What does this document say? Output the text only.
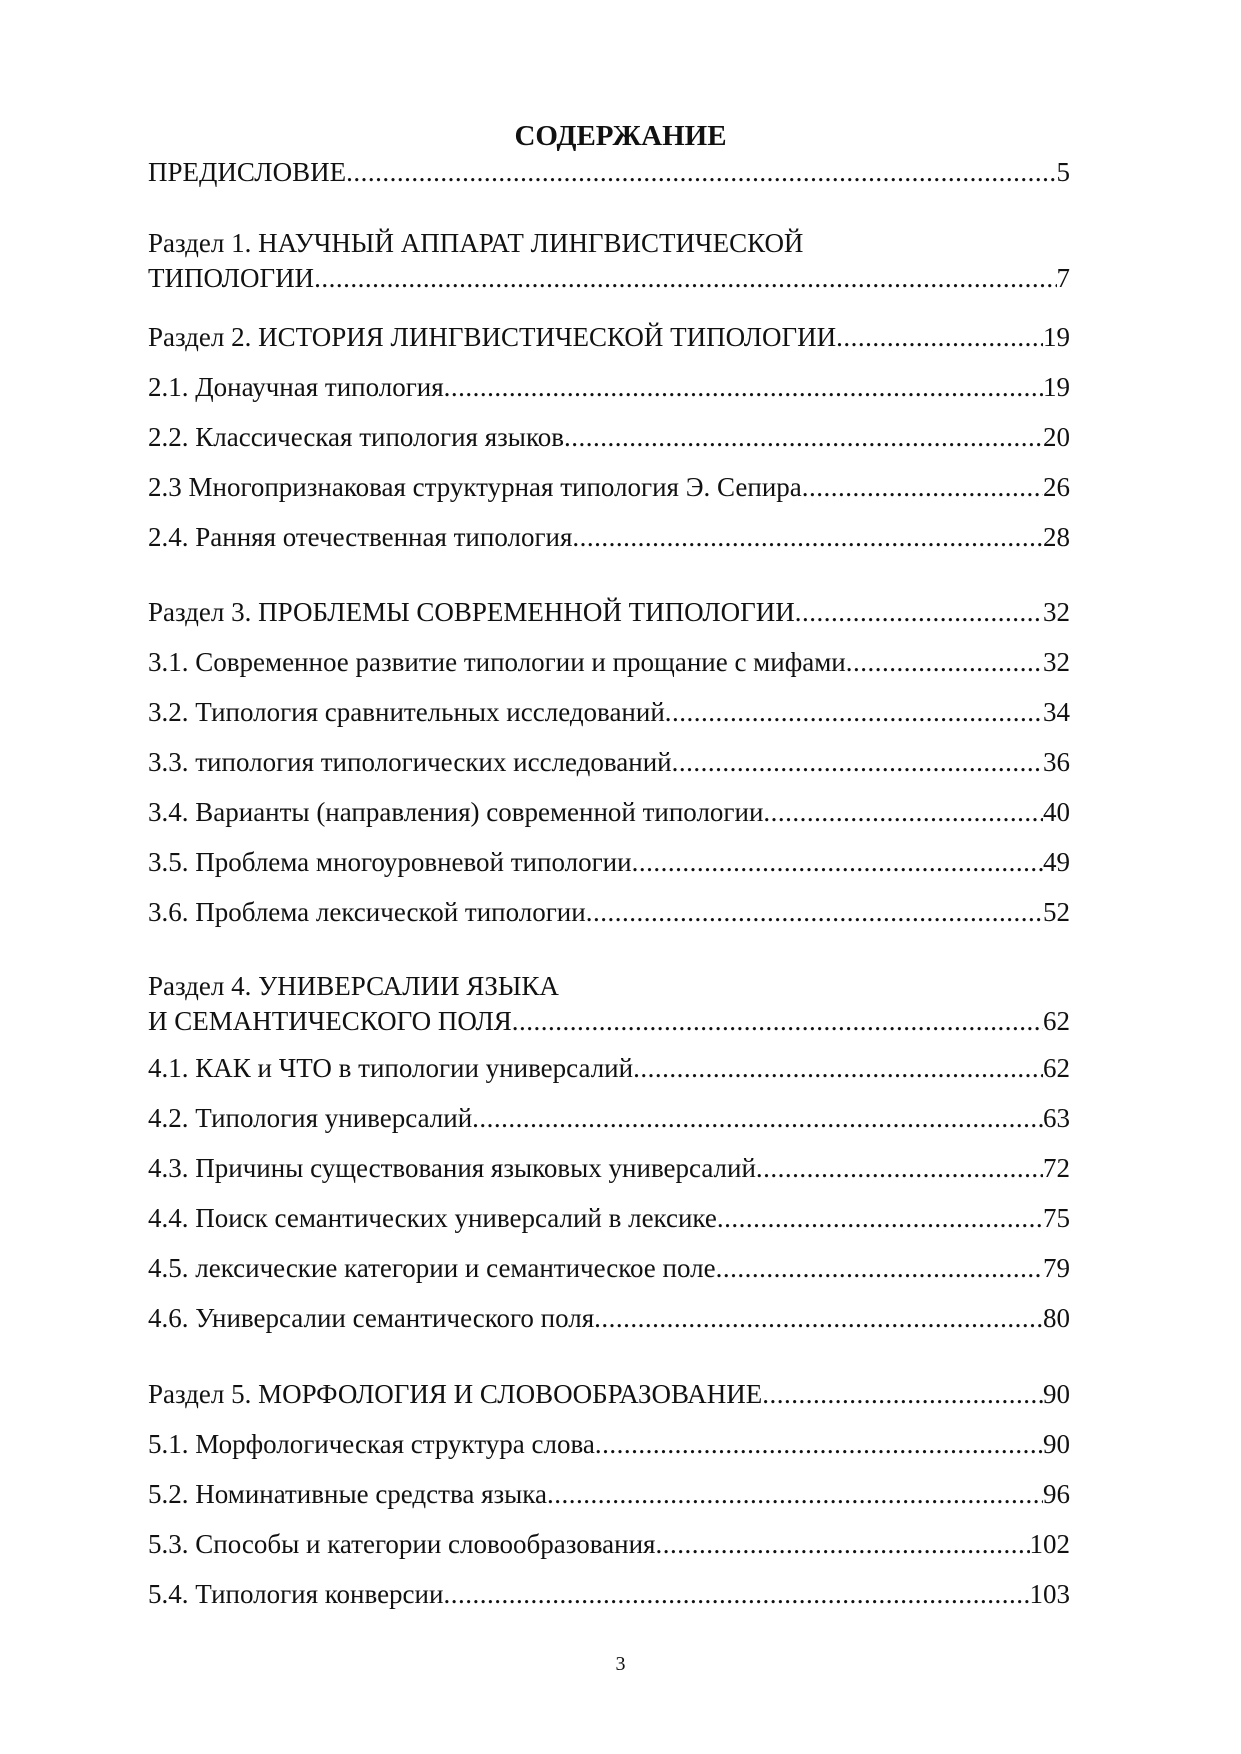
СОДЕРЖАНИЕ
ПРЕДИСЛОВИЕ .....	5
Раздел 1. НАУЧНЫЙ АППАРАТ ЛИНГВИСТИЧЕСКОЙ
ТИПОЛОГИИ .....	7
Раздел 2. ИСТОРИЯ ЛИНГВИСТИЧЕСКОЙ ТИПОЛОГИИ .....	19
2.1. Донаучная типология .....	19
2.2. Классическая типология языков .....	20
2.3 Многопризнаковая структурная типология Э. Сепира .....	26
2.4. Ранняя отечественная типология .....	28
Раздел 3. ПРОБЛЕМЫ СОВРЕМЕННОЙ ТИПОЛОГИИ .....	32
3.1. Современное развитие типологии и прощание с мифами .....	32
3.2. Типология сравнительных исследований .....	34
3.3. типология типологических исследований .....	36
3.4. Варианты (направления) современной типологии .....	40
3.5. Проблема многоуровневой типологии .....	49
3.6. Проблема лексической типологии .....	52
Раздел 4. УНИВЕРСАЛИИ ЯЗЫКА
И СЕМАНТИЧЕСКОГО ПОЛЯ .....	62
4.1. КАК и ЧТО в типологии универсалий .....	62
4.2. Типология универсалий .....	63
4.3. Причины существования языковых универсалий .....	72
4.4. Поиск семантических универсалий в лексике .....	75
4.5. лексические категории и семантическое поле .....	79
4.6. Универсалии семантического поля .....	80
Раздел 5. МОРФОЛОГИЯ И СЛОВООБРАЗОВАНИЕ .....	90
5.1. Морфологическая структура слова .....	90
5.2. Номинативные средства языка .....	96
5.3. Способы и категории словообразования .....	102
5.4. Типология конверсии .....	103
3
